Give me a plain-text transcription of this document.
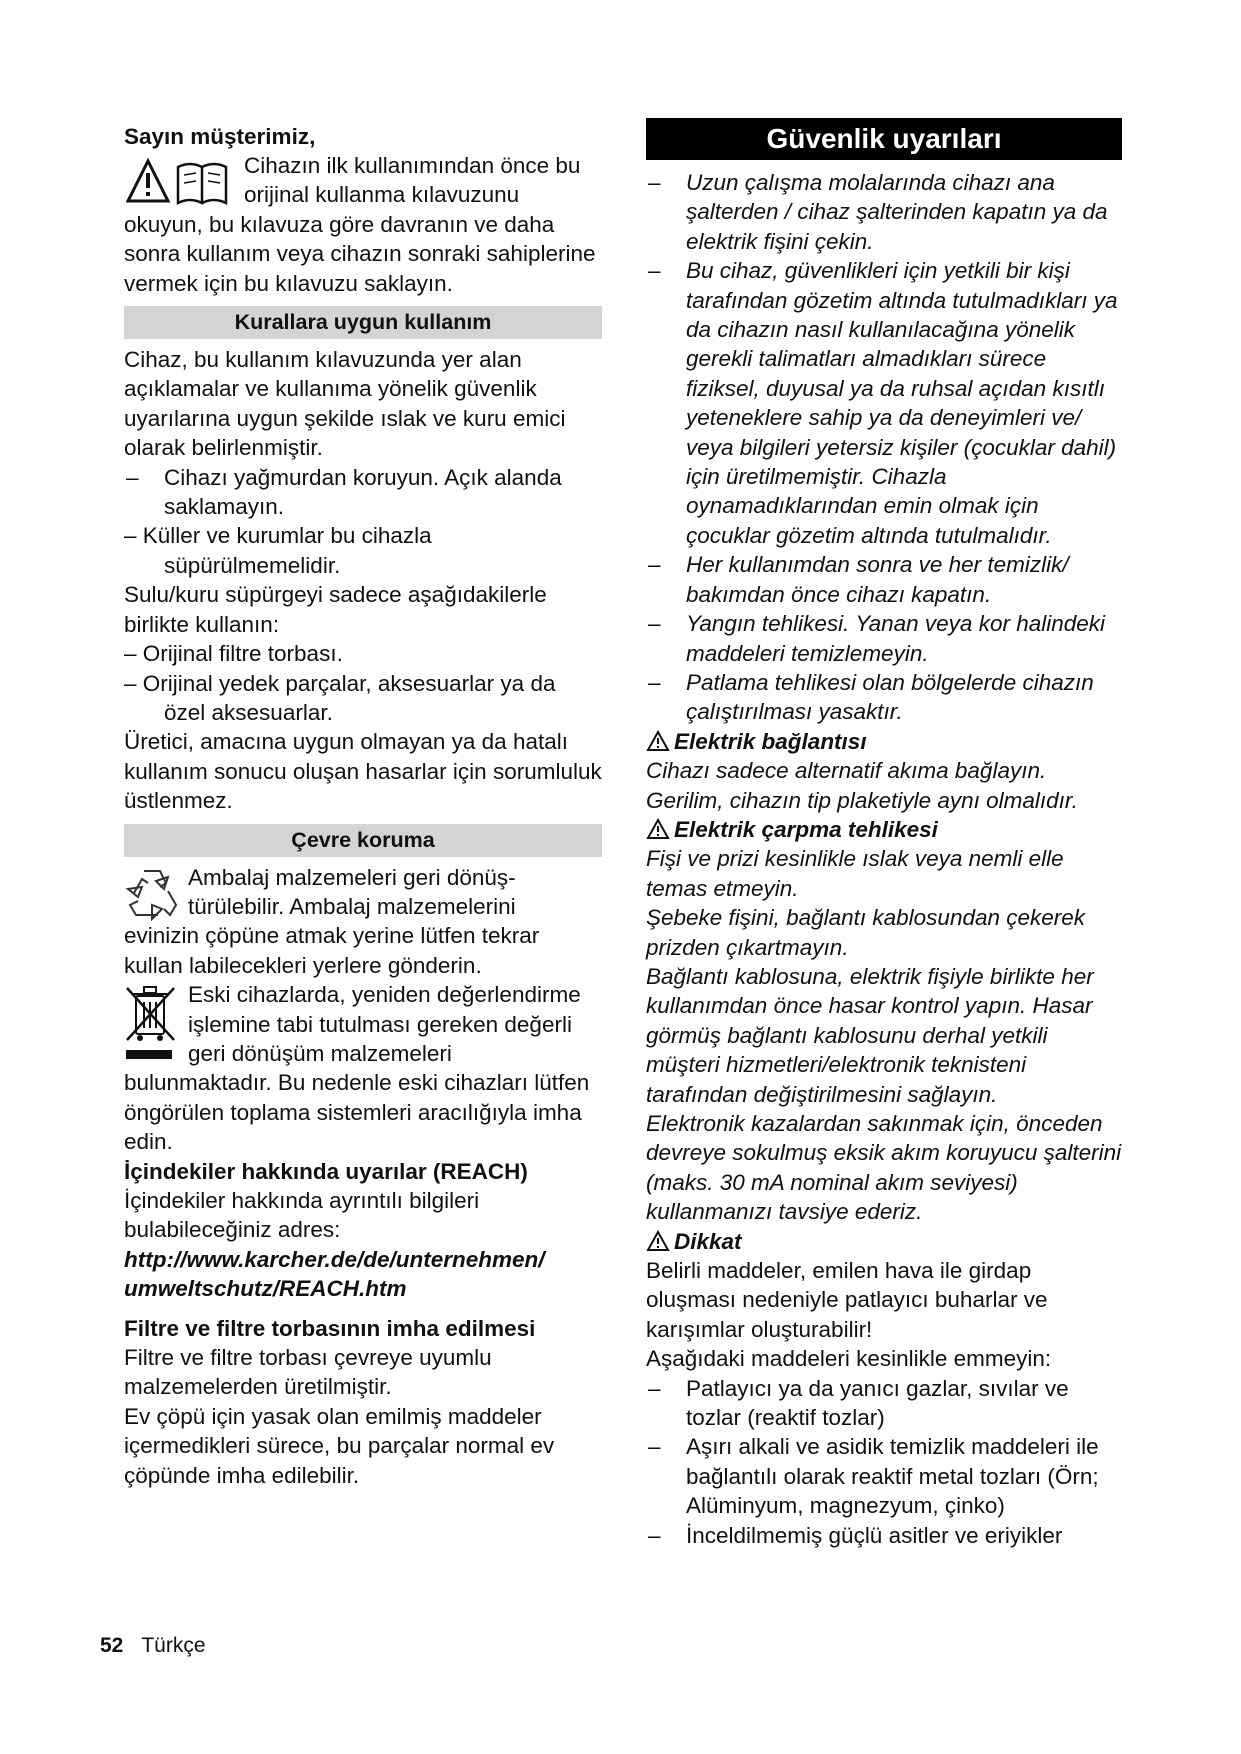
Sayın müşterimiz,

Cihazın ilk kullanımından önce bu orijinal kullanma kılavuzunu

okuyun, bu kılavuza göre davranın ve daha sonra kullanım veya cihazın sonraki sahiplerine vermek için bu kılavuzu saklayın.

Kurallara uygun kullanım

Cihaz, bu kullanım kılavuzunda yer alan açıklamalar ve kullanıma yönelik güvenlik uyarılarına uygun şekilde ıslak ve kuru emici olarak belirlenmiştir.

– Cihazı yağmurdan koruyun. Açık alanda saklamayın.

– Küller ve kurumlar bu cihazla süpürülmemelidir.

Sulu/kuru süpürgeyi sadece aşağıdakilerle birlikte kullanın:

– Orijinal filtre torbası.

– Orijinal yedek parçalar, aksesuarlar ya da özel aksesuarlar.

Üretici, amacına uygun olmayan ya da hatalı kullanım sonucu oluşan hasarlar için sorumluluk üstlenmez.

Çevre koruma

Ambalaj malzemeleri geri dönüş-türülebilir. Ambalaj malzemelerini

evinizin çöpüne atmak yerine lütfen tekrar kullan labilecekleri yerlere gönderin.

Eski cihazlarda, yeniden değerlendirme işlemine tabi tutulması gereken değerli geri dönüşüm malzemeleri

bulunmaktadır. Bu nedenle eski cihazları lütfen öngörülen toplama sistemleri aracılığıyla imha edin.

İçindekiler hakkında uyarılar (REACH)

İçindekiler hakkında ayrıntılı bilgileri bulabileceğiniz adres:

http://www.karcher.de/de/unternehmen/

umweltschutz/REACH.htm

Filtre ve filtre torbasının imha edilmesi

Filtre ve filtre torbası çevreye uyumlu malzemelerden üretilmiştir.

Ev çöpü için yasak olan emilmiş maddeler içermedikleri sürece, bu parçalar normal ev çöpünde imha edilebilir.

Güvenlik uyarıları

– Uzun çalışma molalarında cihazı ana şalterden / cihaz şalterinden kapatın ya da elektrik fişini çekin.

– Bu cihaz, güvenlikleri için yetkili bir kişi tarafından gözetim altında tutulmadıkları ya da cihazın nasıl kullanılacağına yönelik gerekli talimatları almadıkları sürece fiziksel, duyusal ya da ruhsal açıdan kısıtlı yeteneklere sahip ya da deneyimleri ve/ veya bilgileri yetersiz kişiler (çocuklar dahil) için üretilmemiştir. Cihazla oynamadıklarından emin olmak için çocuklar gözetim altında tutulmalıdır.

– Her kullanımdan sonra ve her temizlik/ bakımdan önce cihazı kapatın.

– Yangın tehlikesi. Yanan veya kor halindeki maddeleri temizlemeyin.

– Patlama tehlikesi olan bölgelerde cihazın çalıştırılması yasaktır.

Elektrik bağlantısı

Cihazı sadece alternatif akıma bağlayın. Gerilim, cihazın tip plaketiyle aynı olmalıdır.

Elektrik çarpma tehlikesi

Fişi ve prizi kesinlikle ıslak veya nemli elle temas etmeyin.

Şebeke fişini, bağlantı kablosundan çekerek prizden çıkartmayın.

Bağlantı kablosuna, elektrik fişiyle birlikte her kullanımdan önce hasar kontrol yapın. Hasar görmüş bağlantı kablosunu derhal yetkili müşteri hizmetleri/elektronik teknisteni tarafından değiştirilmesini sağlayın.

Elektronik kazalardan sakınmak için, önceden devreye sokulmuş eksik akım koruyucu şalterini (maks. 30 mA nominal akım seviyesi) kullanmanızı tavsiye ederiz.

Dikkat

Belirli maddeler, emilen hava ile girdap oluşması nedeniyle patlayıcı buharlar ve karışımlar oluşturabilir!

Aşağıdaki maddeleri kesinlikle emmeyin:

– Patlayıcı ya da yanıcı gazlar, sıvılar ve tozlar (reaktif tozlar)

– Aşırı alkali ve asidik temizlik maddeleri ile bağlantılı olarak reaktif metal tozları (Örn; Alüminyum, magnezyum, çinko)

– İnceldilmemiş güçlü asitler ve eriyikler

52 Türkçe
